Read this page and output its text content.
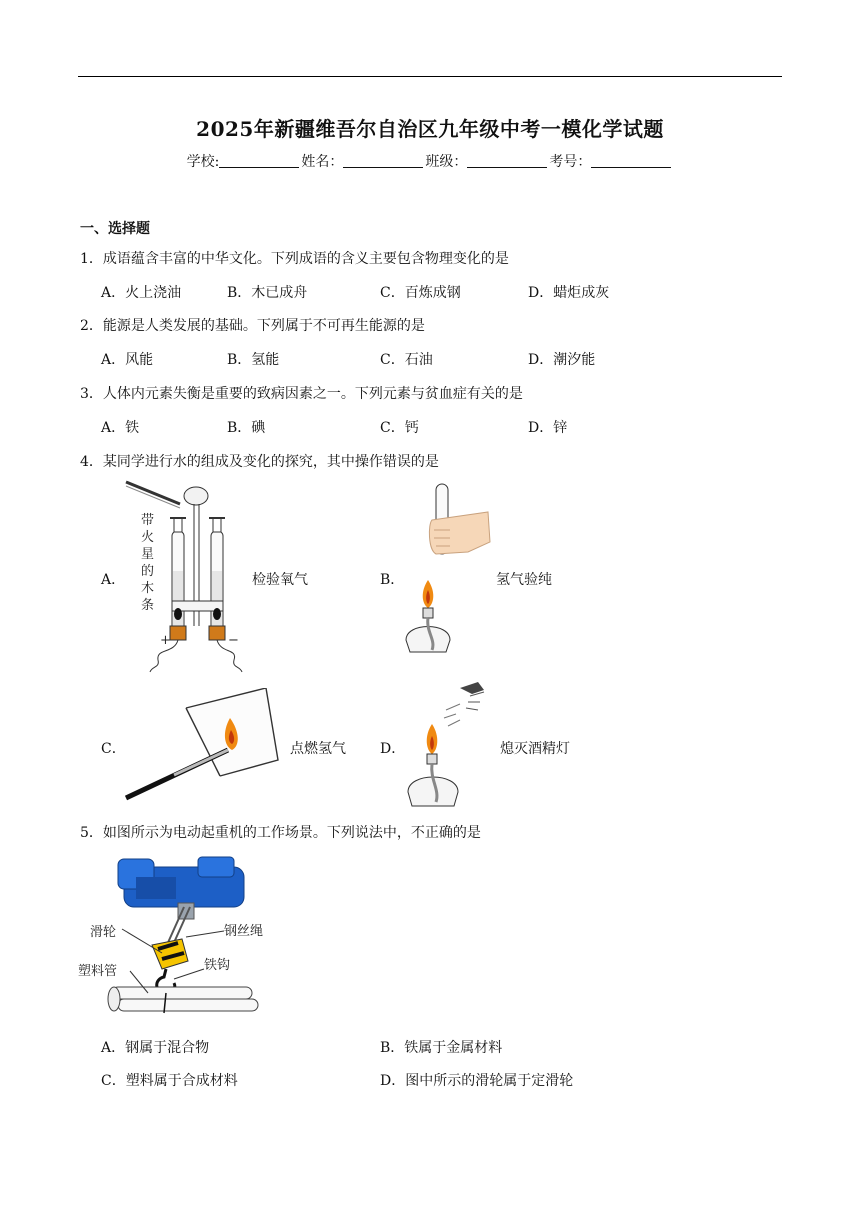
2025年新疆维吾尔自治区九年级中考一模化学试题
学校:	姓名：	班级：	考号：
一、选择题
1．成语蕴含丰富的中华文化。下列成语的含义主要包含物理变化的是
A．火上浇油	B．木已成舟	C．百炼成钢	D．蜡炬成灰
2．能源是人类发展的基础。下列属于不可再生能源的是
A．风能	B．氢能	C．石油	D．潮汐能
3．人体内元素失衡是重要的致病因素之一。下列元素与贫血症有关的是
A．铁	B．碘	C．钙	D．锌
4．某同学进行水的组成及变化的探究，其中操作错误的是
A．
带
火
星
的
木
条
+	−
检验氧气	B．	氢气验纯
C．	点燃氢气 D．	熄灭酒精灯
5．如图所示为电动起重机的工作场景。下列说法中，不正确的是
滑轮	钢丝绳
铁钩
塑料管
A．钢属于混合物	B．铁属于金属材料
C．塑料属于合成材料	D．图中所示的滑轮属于定滑轮
